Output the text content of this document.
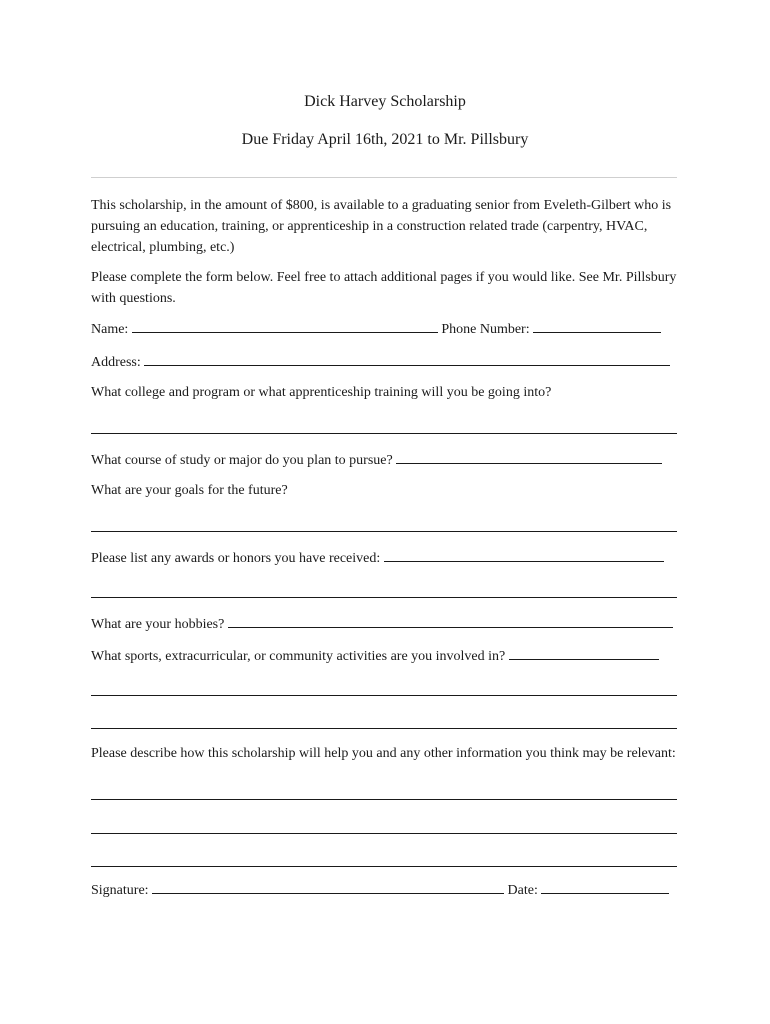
Dick Harvey Scholarship
Due Friday April 16th, 2021 to Mr. Pillsbury
This scholarship, in the amount of $800, is available to a graduating senior from Eveleth-Gilbert who is pursuing an education, training, or apprenticeship in a construction related trade (carpentry, HVAC, electrical, plumbing, etc.)
Please complete the form below. Feel free to attach additional pages if you would like. See Mr. Pillsbury with questions.
Name:	Phone Number:
Address:
What college and program or what apprenticeship training will you be going into?
What course of study or major do you plan to pursue?
What are your goals for the future?
Please list any awards or honors you have received:
What are your hobbies?
What sports, extracurricular, or community activities are you involved in?
Please describe how this scholarship will help you and any other information you think may be relevant:
Signature:	Date:
